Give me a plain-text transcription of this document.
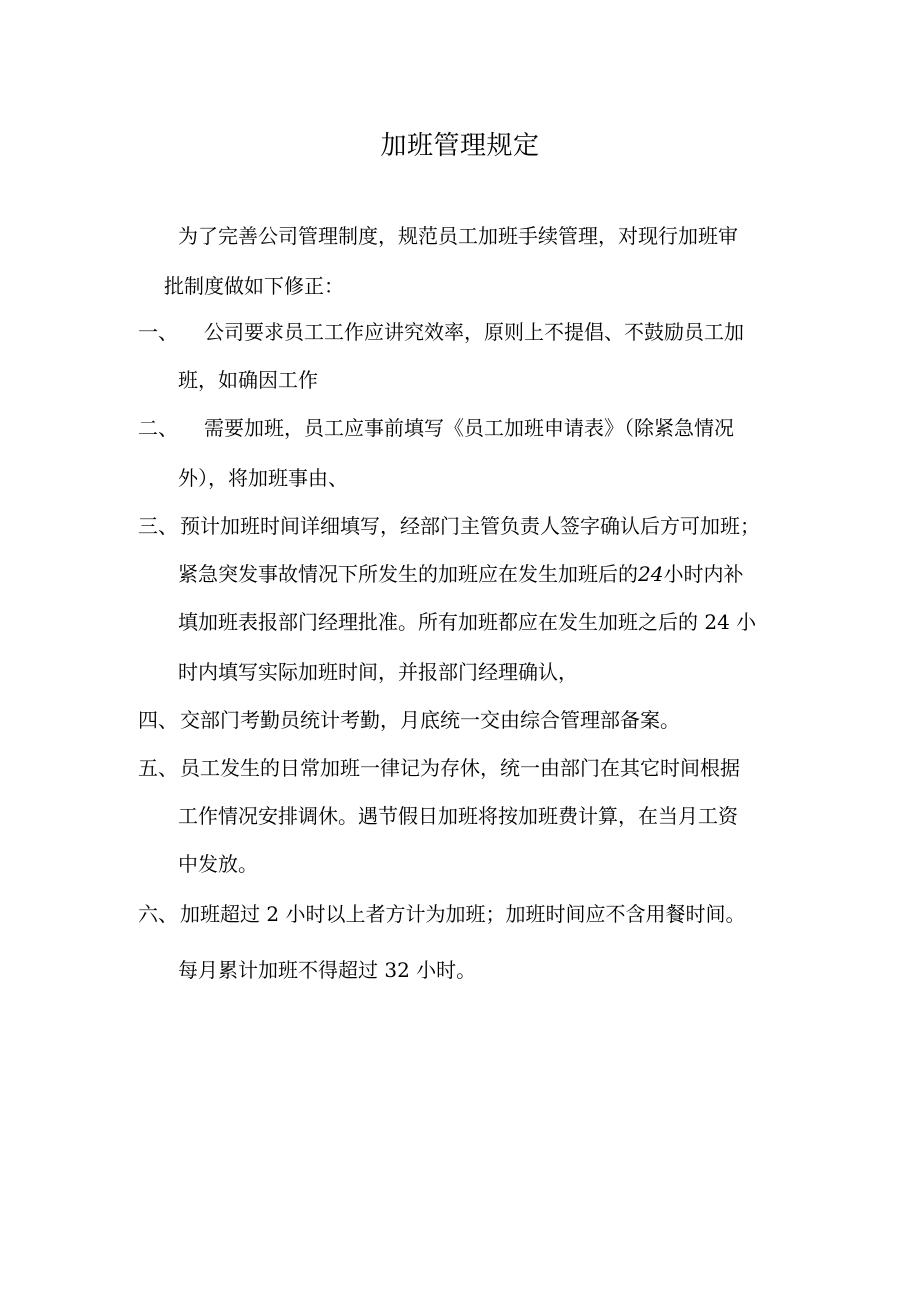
加班管理规定
为了完善公司管理制度，规范员工加班手续管理，对现行加班审
批制度做如下修正：
一、 公司要求员工工作应讲究效率，原则上不提倡、不鼓励员工加
班，如确因工作
二、 需要加班，员工应事前填写《员工加班申请表》（除紧急情况
外），将加班事由、
三、 预计加班时间详细填写，经部门主管负责人签字确认后方可加班；
紧急突发事故情况下所发生的加班应在发生加班后的24小时内补
填加班表报部门经理批准。所有加班都应在发生加班之后的 24 小
时内填写实际加班时间，并报部门经理确认，
四、 交部门考勤员统计考勤，月底统一交由综合管理部备案。
五、 员工发生的日常加班一律记为存休，统一由部门在其它时间根据
工作情况安排调休。遇节假日加班将按加班费计算，在当月工资
中发放。
六、 加班超过 2 小时以上者方计为加班；加班时间应不含用餐时间。
每月累计加班不得超过 32 小时。
